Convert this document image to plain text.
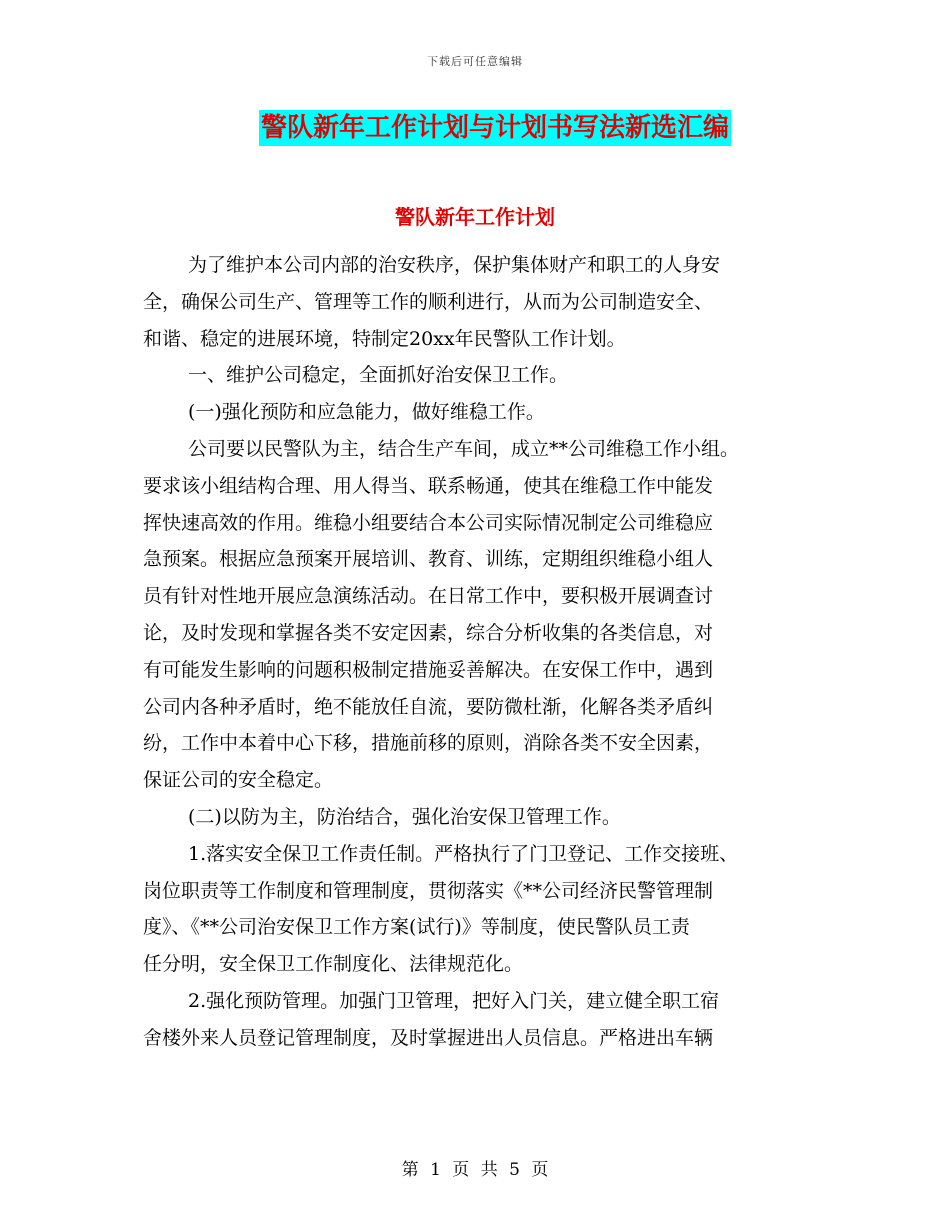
下载后可任意编辑
警队新年工作计划与计划书写法新选汇编
警队新年工作计划
为了维护本公司内部的治安秩序，保护集体财产和职工的人身安
全，确保公司生产、管理等工作的顺利进行，从而为公司制造安全、
和谐、稳定的进展环境，特制定20xx年民警队工作计划。
一、维护公司稳定，全面抓好治安保卫工作。
(一)强化预防和应急能力，做好维稳工作。
公司要以民警队为主，结合生产车间，成立**公司维稳工作小组。
要求该小组结构合理、用人得当、联系畅通，使其在维稳工作中能发
挥快速高效的作用。维稳小组要结合本公司实际情况制定公司维稳应
急预案。根据应急预案开展培训、教育、训练，定期组织维稳小组人
员有针对性地开展应急演练活动。在日常工作中，要积极开展调查讨
论，及时发现和掌握各类不安定因素，综合分析收集的各类信息，对
有可能发生影响的问题积极制定措施妥善解决。在安保工作中，遇到
公司内各种矛盾时，绝不能放任自流，要防微杜渐，化解各类矛盾纠
纷，工作中本着中心下移，措施前移的原则，消除各类不安全因素，
保证公司的安全稳定。
(二)以防为主，防治结合，强化治安保卫管理工作。
1.落实安全保卫工作责任制。严格执行了门卫登记、工作交接班、
岗位职责等工作制度和管理制度，贯彻落实《**公司经济民警管理制
度》、《**公司治安保卫工作方案(试行)》等制度，使民警队员工责
任分明，安全保卫工作制度化、法律规范化。
2.强化预防管理。加强门卫管理，把好入门关，建立健全职工宿
舍楼外来人员登记管理制度，及时掌握进出人员信息。严格进出车辆
第 1 页 共 5 页
